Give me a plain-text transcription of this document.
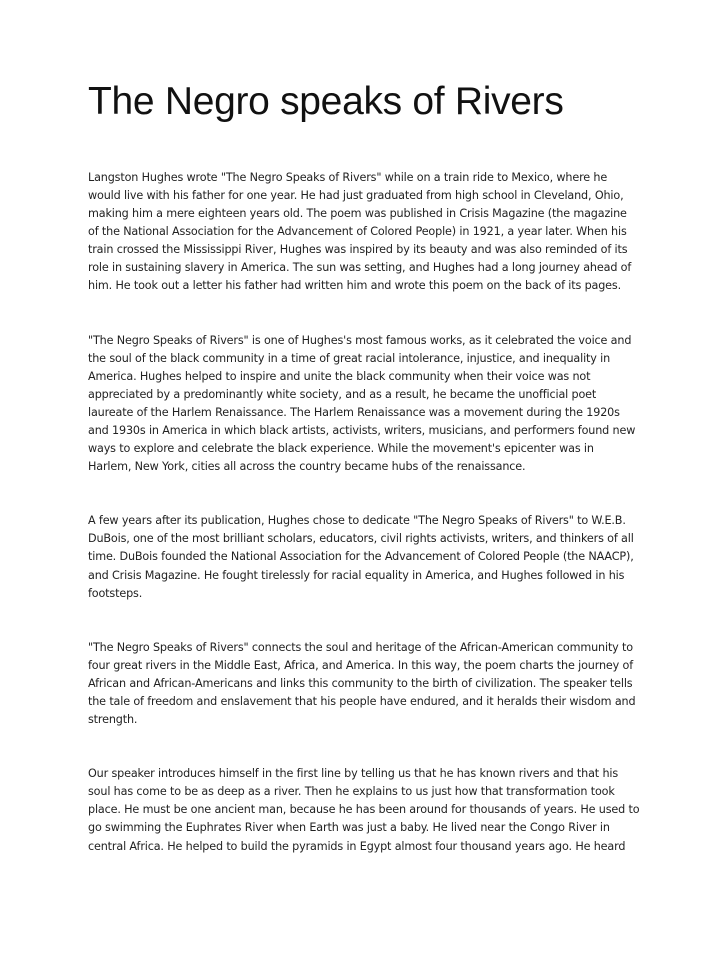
The Negro speaks of Rivers

Langston Hughes wrote "The Negro Speaks of Rivers" while on a train ride to Mexico, where he would live with his father for one year. He had just graduated from high school in Cleveland, Ohio, making him a mere eighteen years old. The poem was published in Crisis Magazine (the magazine of the National Association for the Advancement of Colored People) in 1921, a year later. When his train crossed the Mississippi River, Hughes was inspired by its beauty and was also reminded of its role in sustaining slavery in America. The sun was setting, and Hughes had a long journey ahead of him. He took out a letter his father had written him and wrote this poem on the back of its pages.

"The Negro Speaks of Rivers" is one of Hughes's most famous works, as it celebrated the voice and the soul of the black community in a time of great racial intolerance, injustice, and inequality in America. Hughes helped to inspire and unite the black community when their voice was not appreciated by a predominantly white society, and as a result, he became the unofficial poet laureate of the Harlem Renaissance. The Harlem Renaissance was a movement during the 1920s and 1930s in America in which black artists, activists, writers, musicians, and performers found new ways to explore and celebrate the black experience. While the movement's epicenter was in Harlem, New York, cities all across the country became hubs of the renaissance.

A few years after its publication, Hughes chose to dedicate "The Negro Speaks of Rivers" to W.E.B. DuBois, one of the most brilliant scholars, educators, civil rights activists, writers, and thinkers of all time. DuBois founded the National Association for the Advancement of Colored People (the NAACP), and Crisis Magazine. He fought tirelessly for racial equality in America, and Hughes followed in his footsteps.

"The Negro Speaks of Rivers" connects the soul and heritage of the African-American community to four great rivers in the Middle East, Africa, and America. In this way, the poem charts the journey of African and African-Americans and links this community to the birth of civilization. The speaker tells the tale of freedom and enslavement that his people have endured, and it heralds their wisdom and strength.

Our speaker introduces himself in the first line by telling us that he has known rivers and that his soul has come to be as deep as a river. Then he explains to us just how that transformation took place. He must be one ancient man, because he has been around for thousands of years. He used to go swimming the Euphrates River when Earth was just a baby. He lived near the Congo River in central Africa. He helped to build the pyramids in Egypt almost four thousand years ago. He heard
